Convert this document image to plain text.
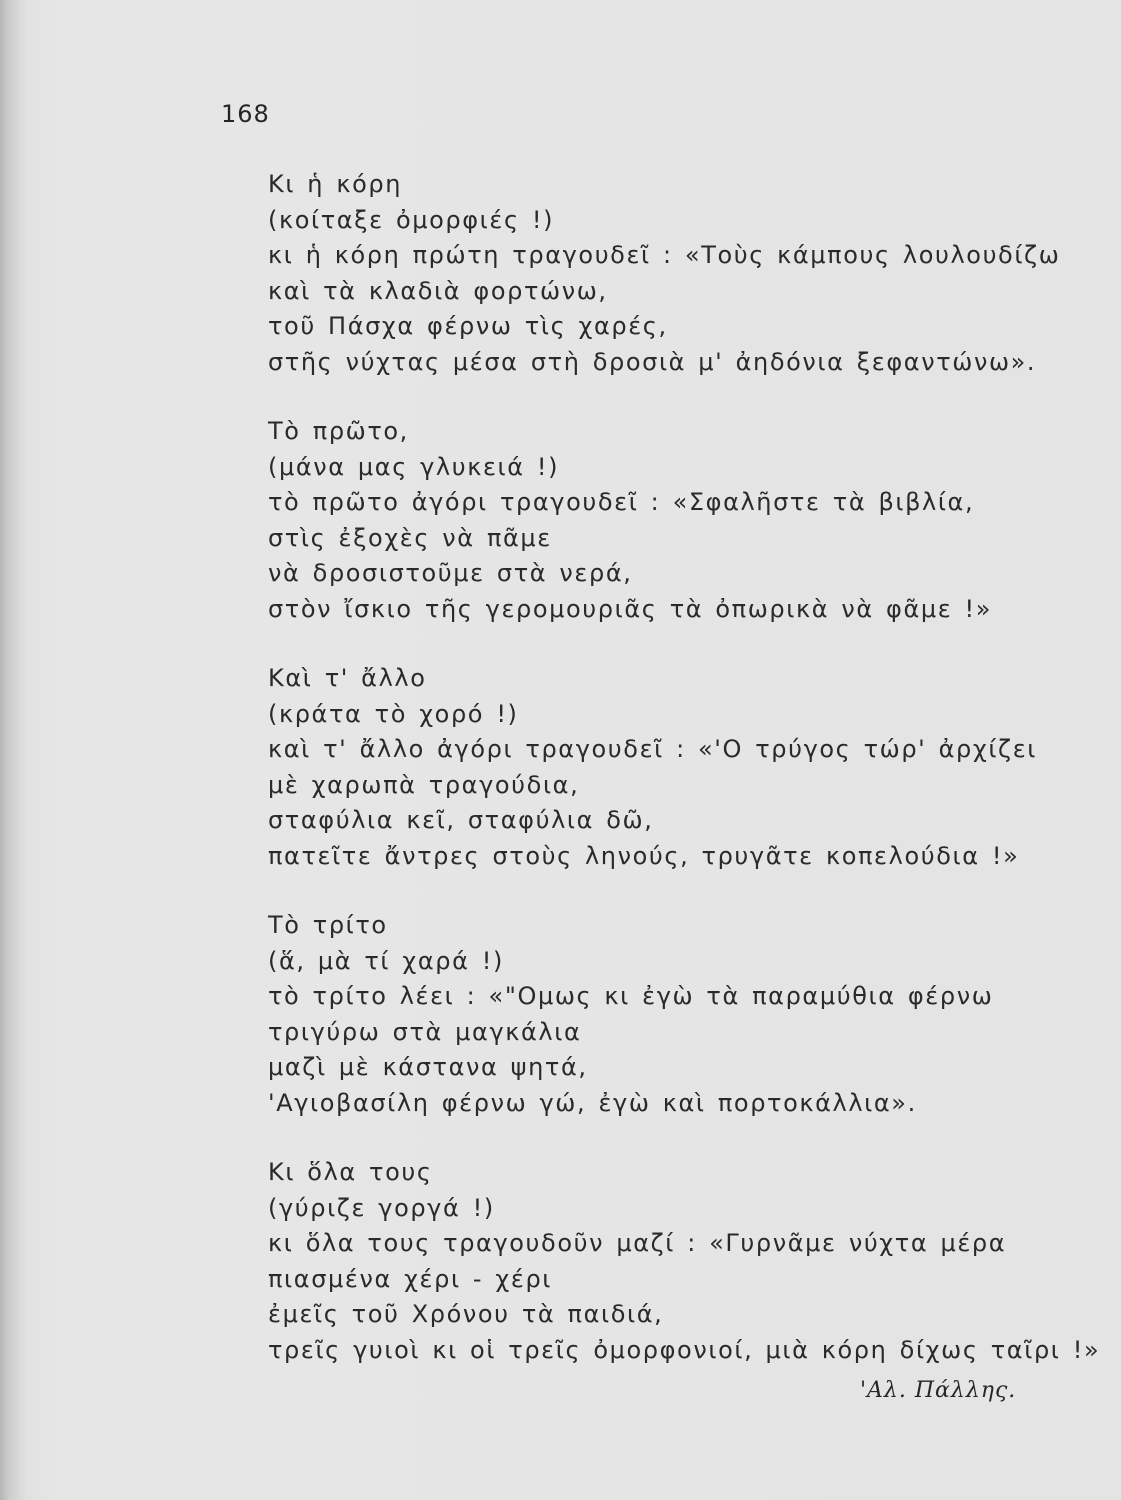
168
Κι ἡ κόρη
(κοίταξε ὀμορφιές !)
κι ἡ κόρη πρώτη τραγουδεῖ : «Τοὺς κάμπους λουλουδίζω
καὶ τὰ κλαδιὰ φορτώνω,
τοῦ Πάσχα φέρνω τὶς χαρές,
στῆς νύχτας μέσα στὴ δροσιὰ μ' ἀηδόνια ξεφαντώνω».
Τὸ πρῶτο,
(μάνα μας γλυκειά !)
τὸ πρῶτο ἀγόρι τραγουδεῖ : «Σφαλῆστε τὰ βιβλία,
στὶς ἐξοχὲς νὰ πᾶμε
νὰ δροσιστοῦμε στὰ νερά,
στὸν ἴσκιο τῆς γερομουριᾶς τὰ ὀπωρικὰ νὰ φᾶμε !»
Καὶ τ' ἄλλο
(κράτα τὸ χορό !)
καὶ τ' ἄλλο ἀγόρι τραγουδεῖ : «'Ο τρύγος τώρ' ἀρχίζει
μὲ χαρωπὰ τραγούδια,
σταφύλια κεῖ, σταφύλια δῶ,
πατεῖτε ἄντρες στοὺς ληνούς, τρυγᾶτε κοπελούδια !»
Τὸ τρίτο
(ἅ, μὰ τί χαρά !)
τὸ τρίτο λέει : «"Ομως κι ἐγὼ τὰ παραμύθια φέρνω
τριγύρω στὰ μαγκάλια
μαζὶ μὲ κάστανα ψητά,
'Αγιοβασίλη φέρνω γώ, ἐγὼ καὶ πορτοκάλλια».
Κι ὅλα τους
(γύριζε γοργά !)
κι ὅλα τους τραγουδοῦν μαζί : «Γυρνᾶμε νύχτα μέρα
πιασμένα χέρι - χέρι
ἐμεῖς τοῦ Χρόνου τὰ παιδιά,
τρεῖς γυιοὶ κι οἱ τρεῖς ὀμορφονιοί, μιὰ κόρη δίχως ταῖρι !»
'Αλ. Πάλλης.
